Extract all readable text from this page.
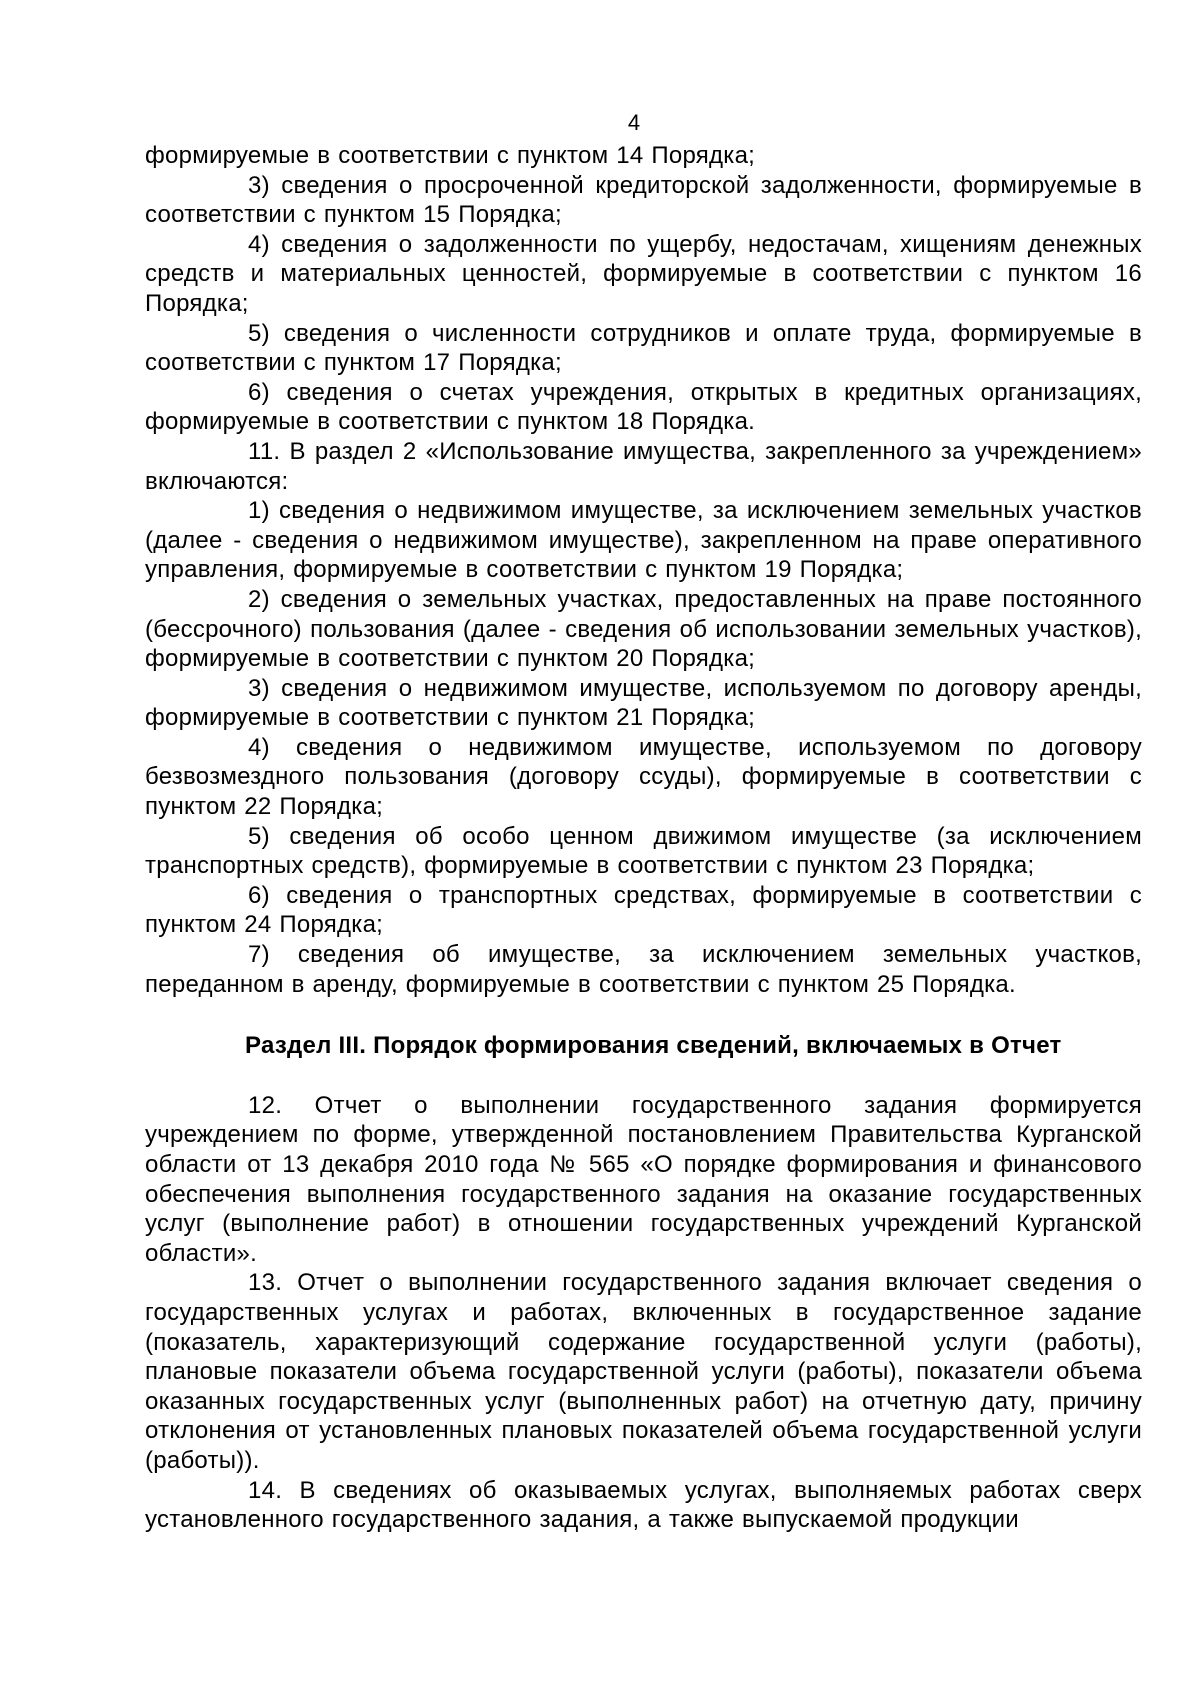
4

формируемые в соответствии с пунктом 14 Порядка;

3) сведения о просроченной кредиторской задолженности, формируемые в соответствии с пунктом 15 Порядка;

4) сведения о задолженности по ущербу, недостачам, хищениям денежных средств и материальных ценностей, формируемые в соответствии с пунктом 16 Порядка;

5) сведения о численности сотрудников и оплате труда, формируемые в соответствии с пунктом 17 Порядка;

6) сведения о счетах учреждения, открытых в кредитных организациях, формируемые в соответствии с пунктом 18 Порядка.

11. В раздел 2 «Использование имущества, закрепленного за учреждением» включаются:

1) сведения о недвижимом имуществе, за исключением земельных участков (далее - сведения о недвижимом имуществе), закрепленном на праве оперативного управления, формируемые в соответствии с пунктом 19 Порядка;

2) сведения о земельных участках, предоставленных на праве постоянного (бессрочного) пользования (далее - сведения об использовании земельных участков), формируемые в соответствии с пунктом 20 Порядка;

3) сведения о недвижимом имуществе, используемом по договору аренды, формируемые в соответствии с пунктом 21 Порядка;

4) сведения о недвижимом имуществе, используемом по договору безвозмездного пользования (договору ссуды), формируемые в соответствии с пунктом 22 Порядка;

5) сведения об особо ценном движимом имуществе (за исключением транспортных средств), формируемые в соответствии с пунктом 23 Порядка;

6) сведения о транспортных средствах, формируемые в соответствии с пунктом 24 Порядка;

7) сведения об имуществе, за исключением земельных участков, переданном в аренду, формируемые в соответствии с пунктом 25 Порядка.

Раздел III. Порядок формирования сведений, включаемых в Отчет

12. Отчет о выполнении государственного задания формируется учреждением по форме, утвержденной постановлением Правительства Курганской области от 13 декабря 2010 года № 565 «О порядке формирования и финансового обеспечения выполнения государственного задания на оказание государственных услуг (выполнение работ) в отношении государственных учреждений Курганской области».

13. Отчет о выполнении государственного задания включает сведения о государственных услугах и работах, включенных в государственное задание (показатель, характеризующий содержание государственной услуги (работы), плановые показатели объема государственной услуги (работы), показатели объема оказанных государственных услуг (выполненных работ) на отчетную дату, причину отклонения от установленных плановых показателей объема государственной услуги (работы)).

14. В сведениях об оказываемых услугах, выполняемых работах сверх установленного государственного задания, а также выпускаемой продукции
